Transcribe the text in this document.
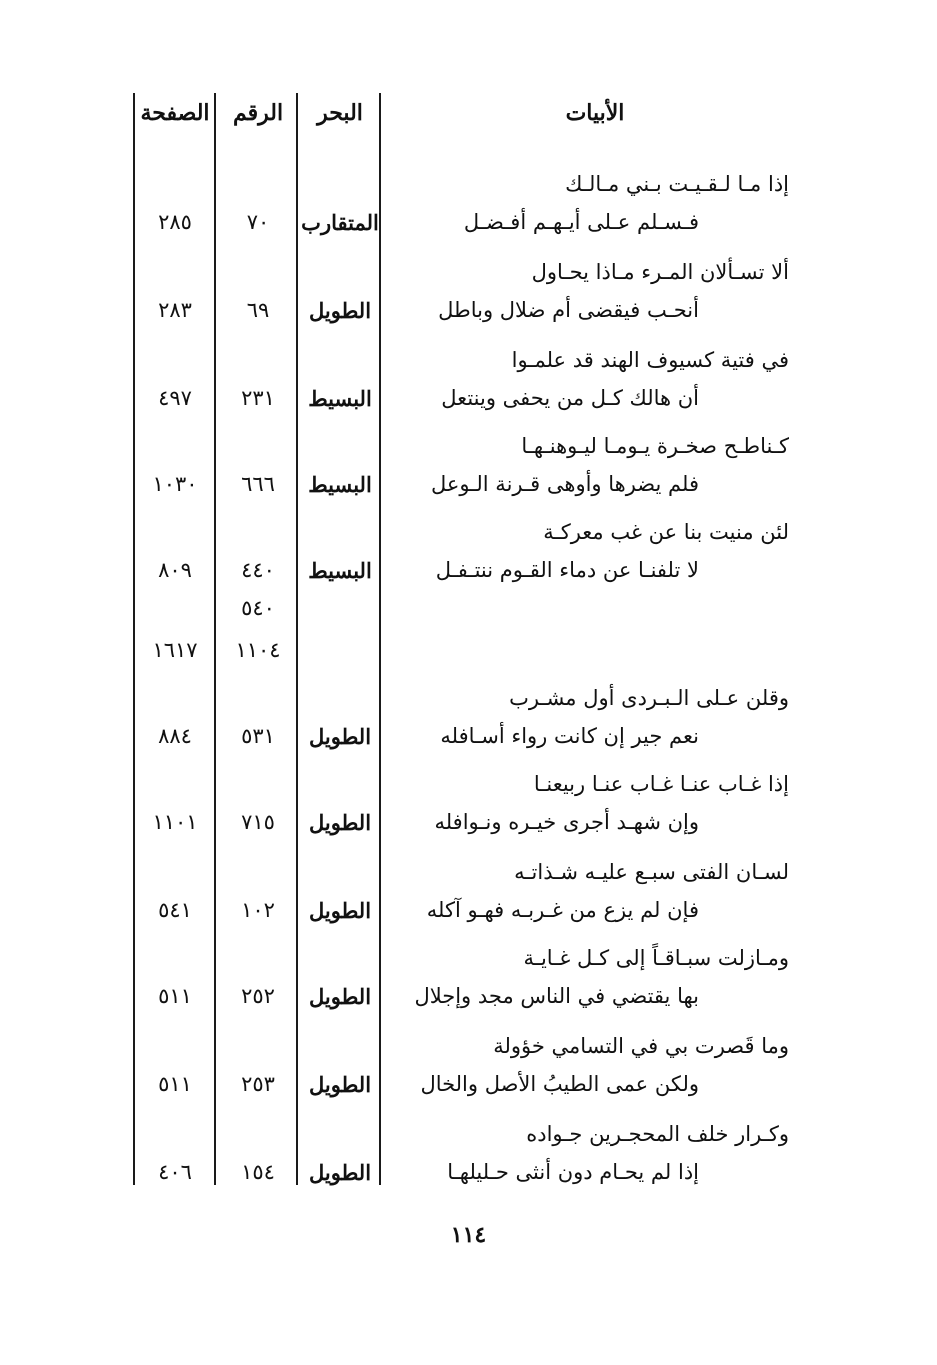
الأبيات
البحر
الرقم
الصفحة
إذا مـا لـقـيـت بـني مـالـك
فـسـلم عـلى أيـهـم أفـضـل
المتقارب
٧٠
٢٨٥
ألا تسـألان المـرء مـاذا يحـاول
أنحـب فيقضى أم ضلال وباطل
الطويل
٦٩
٢٨٣
في فتية كسيوف الهند قد علمـوا
أن هالك كـل من يحفى وينتعل
البسيط
٢٣١
٤٩٧
كـناطـح صخـرة يـومـا ليـوهنـهـا
فلم يضرها وأوهى قـرنة الـوعل
البسيط
٦٦٦
١٠٣٠
لئن منيت بنا عن غب معركـة
لا تلفنـا عن دماء القـوم ننتـفـل
البسيط
٤٤٠
٨٠٩
٥٤٠
١١٠٤
١٦١٧
وقلن عـلى الـبـردى أول مشـرب
نعم جير إن كانت رواء أسـافله
الطويل
٥٣١
٨٨٤
إذا غـاب عنـا غـاب عنـا ربيعنـا
وإن شهـد أجرى خيـره ونـوافله
الطويل
٧١٥
١١٠١
لسـان الفتى سبـع عليـه شـذاتـه
فإن لم يزع من غـربـه فهـو آكله
الطويل
١٠٢
٥٤١
ومـازلت سبـاقـاً إلى كـل غـايـة
بها يقتضي في الناس مجد وإجلال
الطويل
٢٥٢
٥١١
وما قَصرت بي في التسامي خؤولة
ولكن عمى الطيبُ الأصل والخال
الطويل
٢٥٣
٥١١
وكـرار خلف المحجـرين جـواده
إذا لم يحـام دون أنثى حـليلهـا
الطويل
١٥٤
٤٠٦
١١٤
